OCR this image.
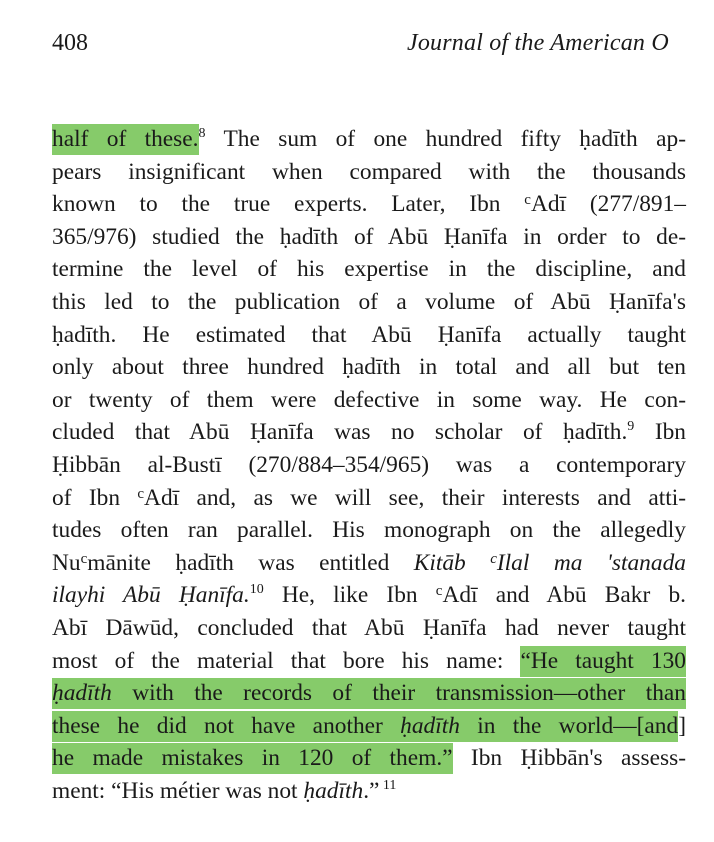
408	Journal of the American O
half of these.$^8$ The sum of one hundred fifty ḥadīth ap-
pears insignificant when compared with the thousands
known to the true experts. Later, Ibn $^c$Adī (277/891–
365/976) studied the ḥadīth of Abū Ḥanīfa in order to de-
termine the level of his expertise in the discipline, and
this led to the publication of a volume of Abū Ḥanīfa's
ḥadīth. He estimated that Abū Ḥanīfa actually taught
only about three hundred ḥadīth in total and all but ten
or twenty of them were defective in some way. He con-
cluded that Abū Ḥanīfa was no scholar of ḥadīth.$^9$ Ibn
Ḥibbān al-Bustī (270/884–354/965) was a contemporary
of Ibn $^c$Adī and, as we will see, their interests and atti-
tudes often ran parallel. His monograph on the allegedly
Nu$^c$mānite ḥadīth was entitled Kitāb $^c$Ilal ma 'stanada
ilayhi Abū Ḥanīfa.$^{10}$ He, like Ibn $^c$Adī and Abū Bakr b.
Abī Dāwūd, concluded that Abū Ḥanīfa had never taught
most of the material that bore his name: “He taught 130
ḥadīth with the records of their transmission—other than
these he did not have another ḥadīth in the world—[and]
he made mistakes in 120 of them.” Ibn Ḥibbān's assess-
ment: “His métier was not ḥadīth.” $^{11}$
